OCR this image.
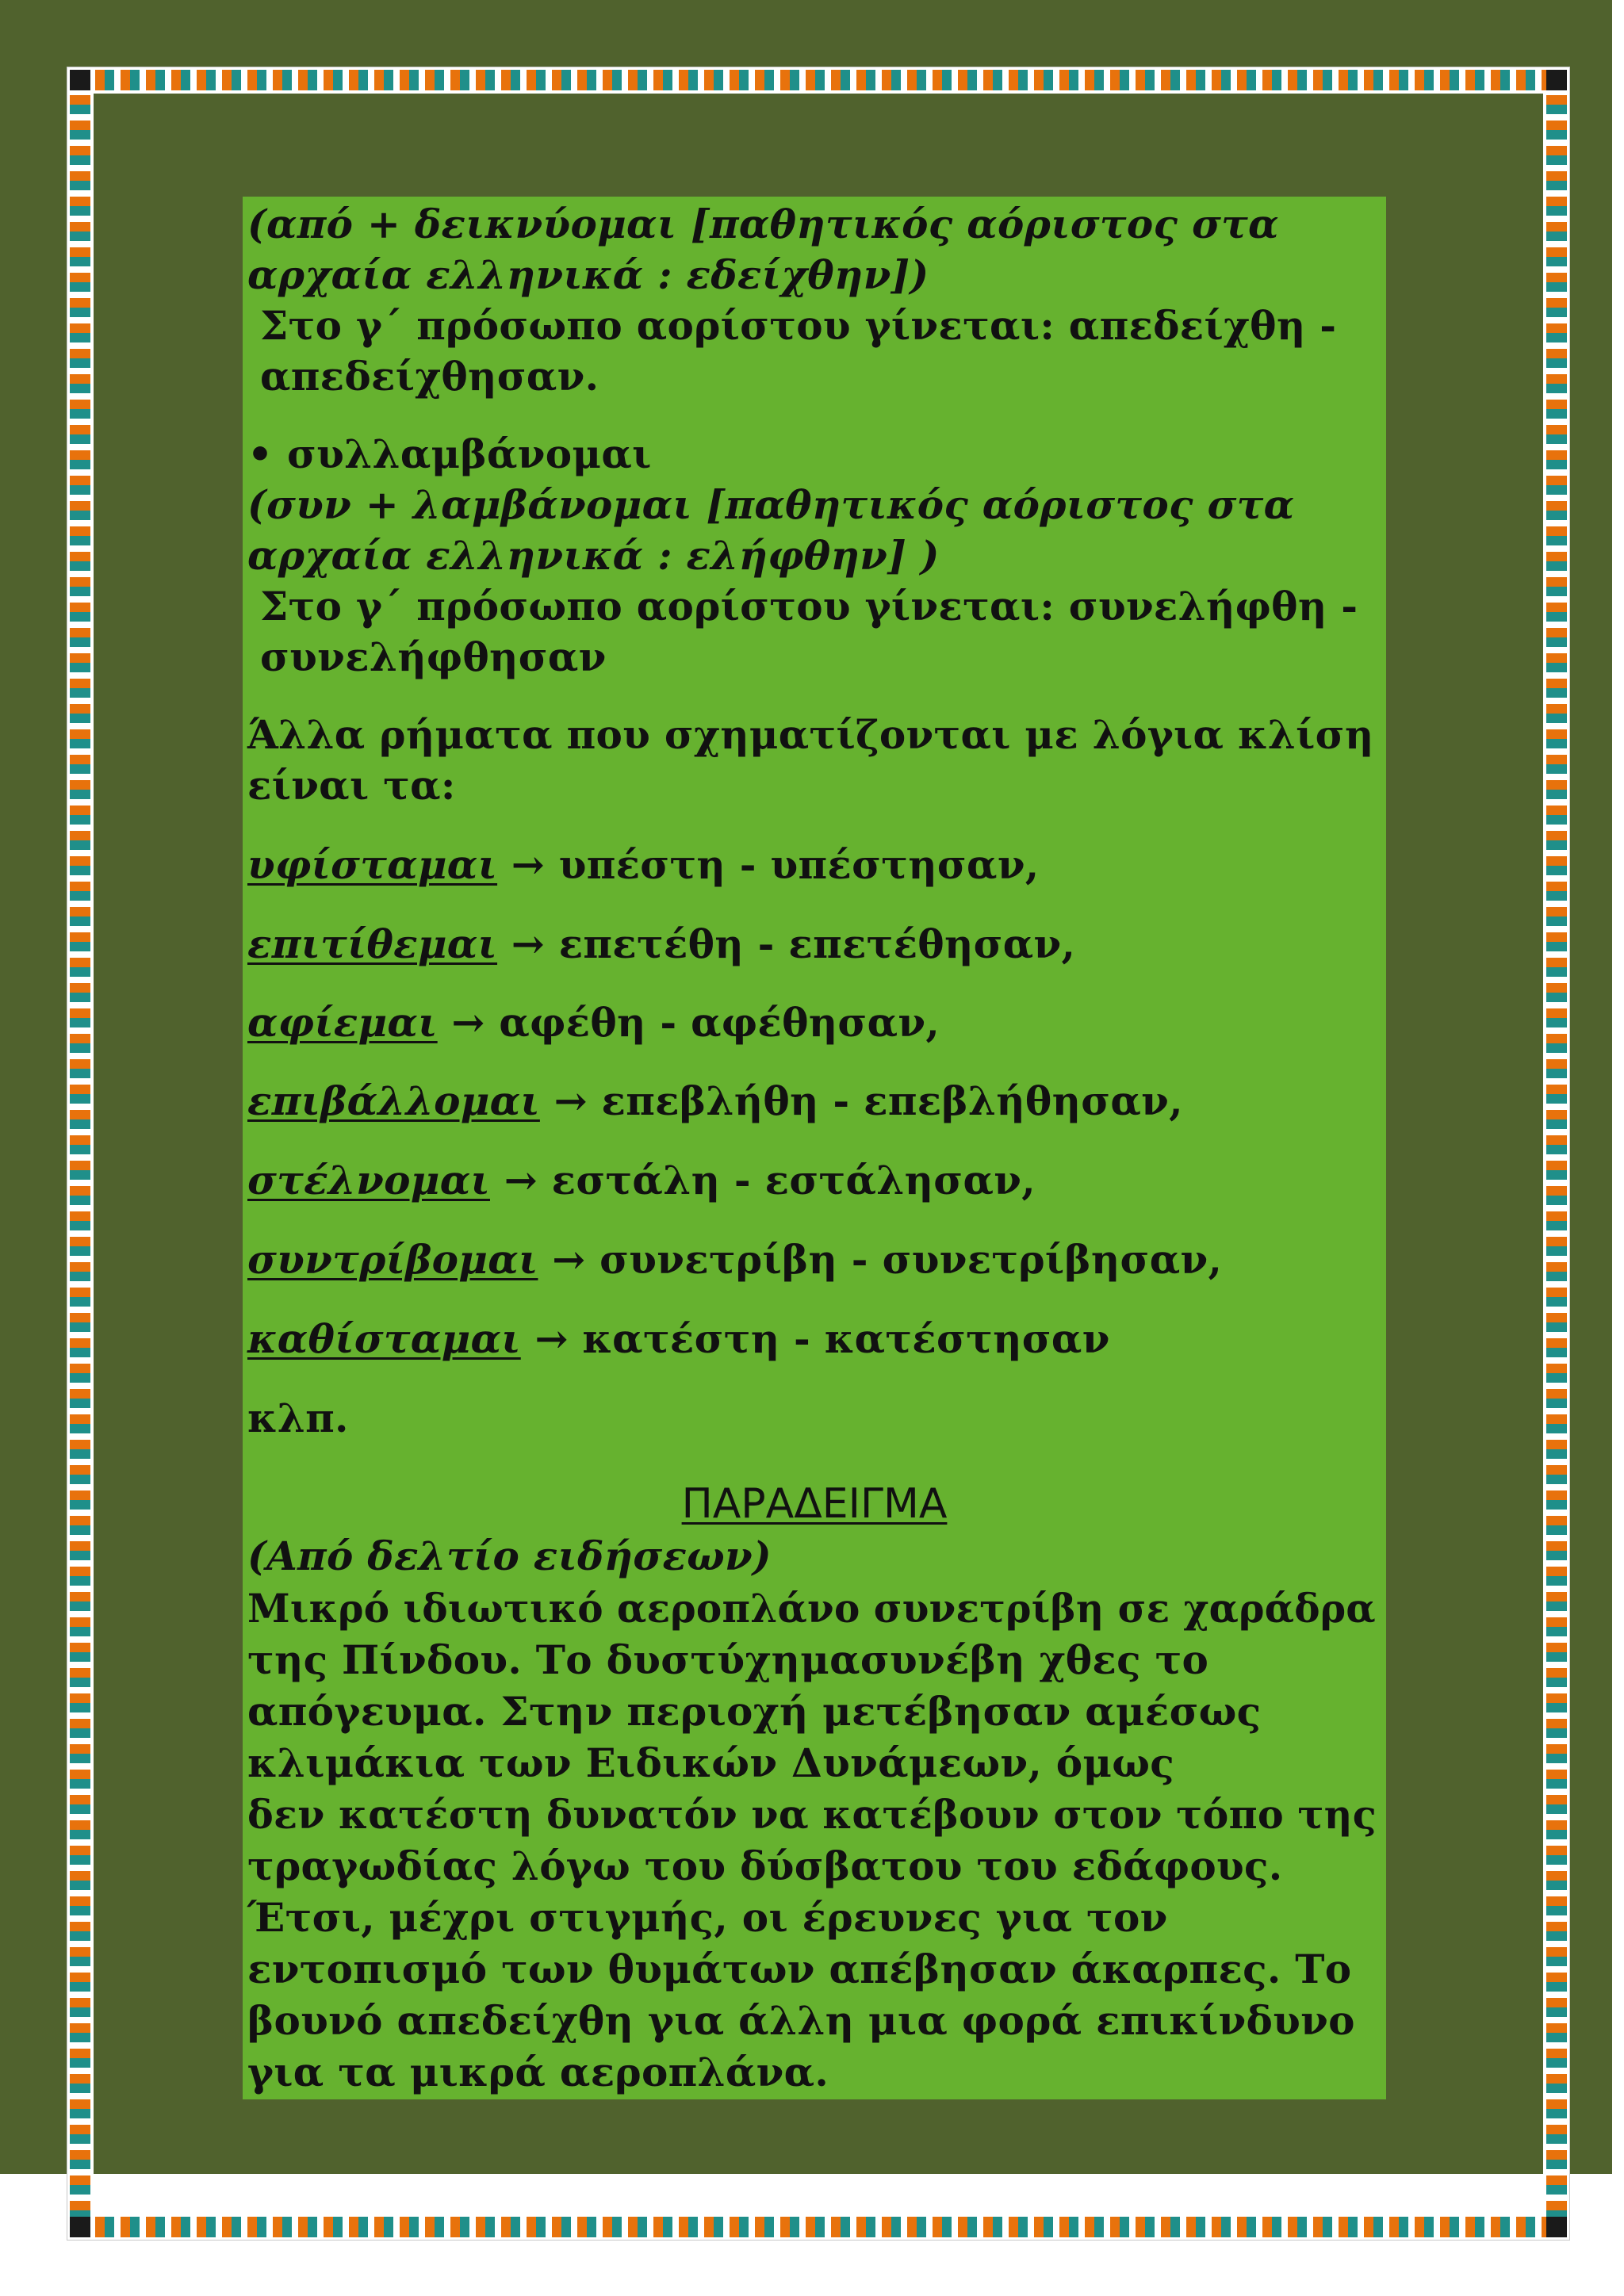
(από + δεικνύομαι [παθητικός αόριστος στα
αρχαία ελληνικά : εδείχθην])
Στο γ΄ πρόσωπο αορίστου γίνεται: απεδείχθη -
απεδείχθησαν.
• συλλαμβάνομαι
(συν + λαμβάνομαι [παθητικός αόριστος στα
αρχαία ελληνικά : ελήφθην] )
Στο γ΄ πρόσωπο αορίστου γίνεται: συνελήφθη -
συνελήφθησαν
Άλλα ρήματα που σχηματίζονται με λόγια κλίση
είναι τα:
υφίσταμαι → υπέστη - υπέστησαν,
επιτίθεμαι → επετέθη - επετέθησαν,
αφίεμαι → αφέθη - αφέθησαν,
επιβάλλομαι → επεβλήθη - επεβλήθησαν,
στέλνομαι → εστάλη - εστάλησαν,
συντρίβομαι → συνετρίβη - συνετρίβησαν,
καθίσταμαι → κατέστη - κατέστησαν
κλπ.
ΠΑΡΑΔΕΙΓΜΑ
(Από δελτίο ειδήσεων)
Μικρό ιδιωτικό αεροπλάνο συνετρίβη σε χαράδρα
της Πίνδου. Το δυστύχημασυνέβη χθες το
απόγευμα. Στην περιοχή μετέβησαν αμέσως
κλιμάκια των Ειδικών Δυνάμεων, όμως
δεν κατέστη δυνατόν να κατέβουν στον τόπο της
τραγωδίας λόγω του δύσβατου του εδάφους.
Έτσι, μέχρι στιγμής, οι έρευνες για τον
εντοπισμό των θυμάτων απέβησαν άκαρπες. Το
βουνό απεδείχθη για άλλη μια φορά επικίνδυνο
για τα μικρά αεροπλάνα.
